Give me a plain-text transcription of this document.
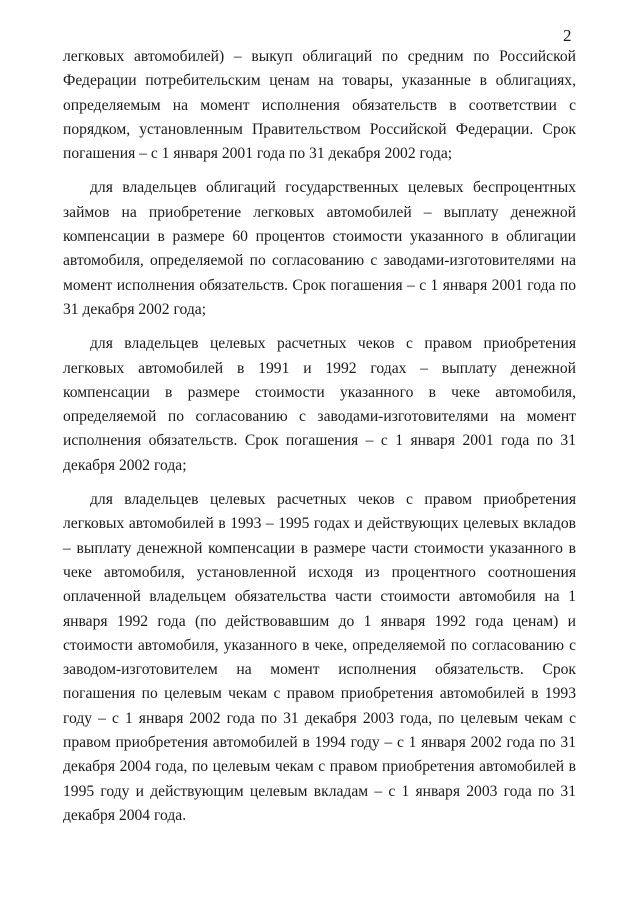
2

легковых автомобилей) – выкуп облигаций по средним по Российской Федерации потребительским ценам на товары, указанные в облигациях, определяемым на момент исполнения обязательств в соответствии с порядком, установленным Правительством Российской Федерации. Срок погашения – с 1 января 2001 года по 31 декабря 2002 года;

для владельцев облигаций государственных целевых беспроцентных займов на приобретение легковых автомобилей – выплату денежной компенсации в размере 60 процентов стоимости указанного в облигации автомобиля, определяемой по согласованию с заводами-изготовителями на момент исполнения обязательств. Срок погашения – с 1 января 2001 года по 31 декабря 2002 года;

для владельцев целевых расчетных чеков с правом приобретения легковых автомобилей в 1991 и 1992 годах – выплату денежной компенсации в размере стоимости указанного в чеке автомобиля, определяемой по согласованию с заводами-изготовителями на момент исполнения обязательств. Срок погашения – с 1 января 2001 года по 31 декабря 2002 года;

для владельцев целевых расчетных чеков с правом приобретения легковых автомобилей в 1993 – 1995 годах и действующих целевых вкладов – выплату денежной компенсации в размере части стоимости указанного в чеке автомобиля, установленной исходя из процентного соотношения оплаченной владельцем обязательства части стоимости автомобиля на 1 января 1992 года (по действовавшим до 1 января 1992 года ценам) и стоимости автомобиля, указанного в чеке, определяемой по согласованию с заводом-изготовителем на момент исполнения обязательств. Срок погашения по целевым чекам с правом приобретения автомобилей в 1993 году – с 1 января 2002 года по 31 декабря 2003 года, по целевым чекам с правом приобретения автомобилей в 1994 году – с 1 января 2002 года по 31 декабря 2004 года, по целевым чекам с правом приобретения автомобилей в 1995 году и действующим целевым вкладам – с 1 января 2003 года по 31 декабря 2004 года.
